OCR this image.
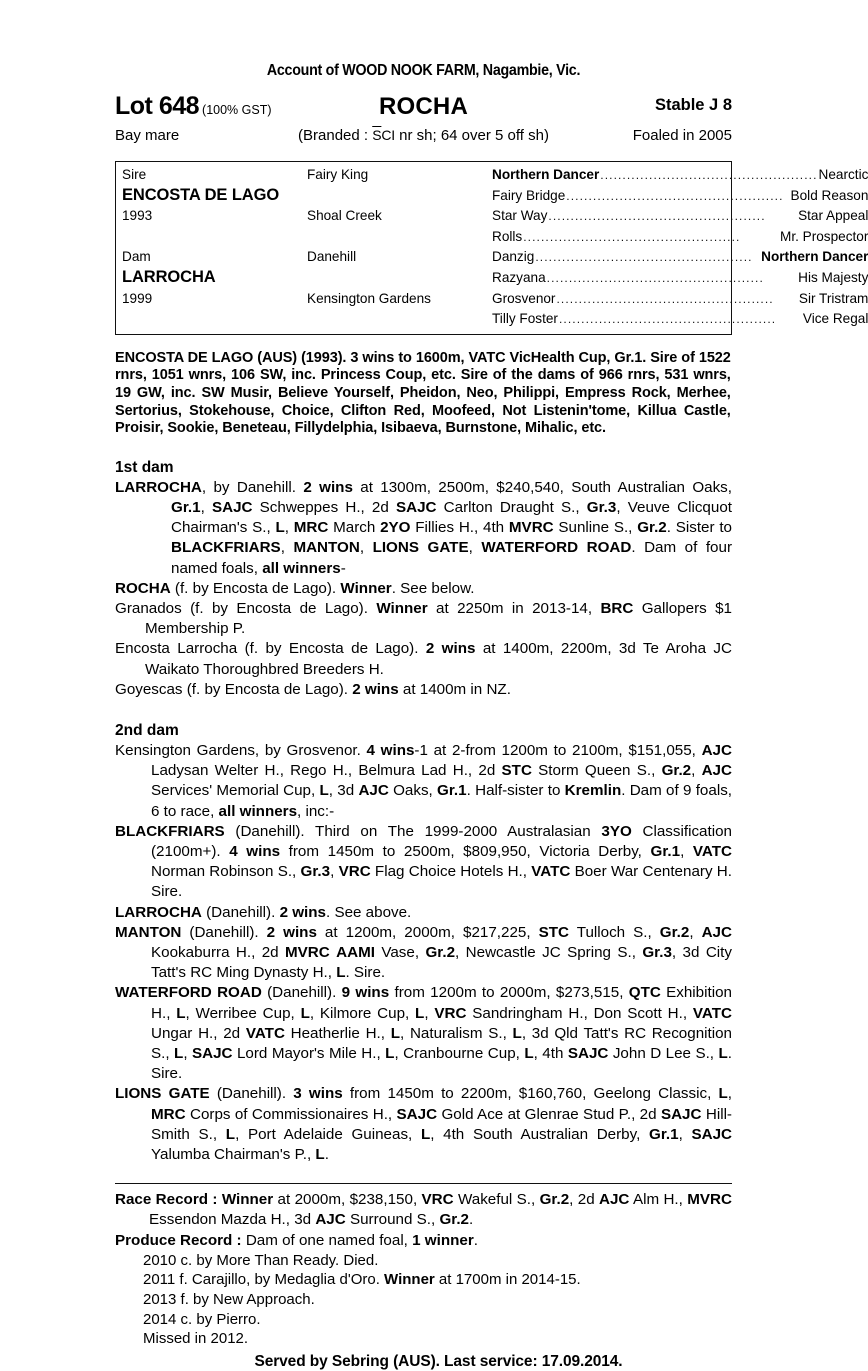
Account of WOOD NOOK FARM, Nagambie, Vic.
Lot 648 (100% GST)	ROCHA	Stable J 8
Bay mare	(Branded : $\overline{S}CI$ nr sh; 64 over 5 off sh)	Foaled in 2005
Sire	Fairy King	Northern Dancer ................................................. Nearctic
ENCOSTA DE LAGO	Fairy Bridge ................................................. Bold Reason
1993	Shoal Creek	Star Way .................................................	Star Appeal
Rolls .................................................	Mr. Prospector
Dam	Danehill	Danzig ................................................. Northern Dancer
LARROCHA	Razyana .................................................	His Majesty
1999	Kensington Gardens	Grosvenor .................................................	Sir Tristram
Tilly Foster .................................................	Vice Regal
ENCOSTA DE LAGO (AUS) (1993). 3 wins to 1600m, VATC VicHealth Cup, Gr.1. Sire of 1522 rnrs, 1051 wnrs, 106 SW, inc. Princess Coup, etc. Sire of the dams of 966 rnrs, 531 wnrs, 19 GW, inc. SW Musir, Believe Yourself, Pheidon, Neo, Philippi, Empress Rock, Merhee, Sertorius, Stokehouse, Choice, Clifton Red, Moofeed, Not Listenin'tome, Killua Castle, Proisir, Sookie, Beneteau, Fillydelphia, Isibaeva, Burnstone, Mihalic, etc.
1st dam
LARROCHA, by Danehill. 2 wins at 1300m, 2500m, $240,540, South Australian Oaks, Gr.1, SAJC Schweppes H., 2d SAJC Carlton Draught S., Gr.3, Veuve Clicquot Chairman's S., L, MRC March 2YO Fillies H., 4th MVRC Sunline S., Gr.2. Sister to BLACKFRIARS, MANTON, LIONS GATE, WATERFORD ROAD. Dam of four named foals, all winners-
ROCHA (f. by Encosta de Lago). Winner. See below.
Granados (f. by Encosta de Lago). Winner at 2250m in 2013-14, BRC Gallopers $1 Membership P.
Encosta Larrocha (f. by Encosta de Lago). 2 wins at 1400m, 2200m, 3d Te Aroha JC Waikato Thoroughbred Breeders H.
Goyescas (f. by Encosta de Lago). 2 wins at 1400m in NZ.
2nd dam
Kensington Gardens, by Grosvenor. 4 wins-1 at 2-from 1200m to 2100m, $151,055, AJC Ladysan Welter H., Rego H., Belmura Lad H., 2d STC Storm Queen S., Gr.2, AJC Services' Memorial Cup, L, 3d AJC Oaks, Gr.1. Half-sister to Kremlin. Dam of 9 foals, 6 to race, all winners, inc:-
BLACKFRIARS (Danehill). Third on The 1999-2000 Australasian 3YO Classification (2100m+). 4 wins from 1450m to 2500m, $809,950, Victoria Derby, Gr.1, VATC Norman Robinson S., Gr.3, VRC Flag Choice Hotels H., VATC Boer War Centenary H. Sire.
LARROCHA (Danehill). 2 wins. See above.
MANTON (Danehill). 2 wins at 1200m, 2000m, $217,225, STC Tulloch S., Gr.2, AJC Kookaburra H., 2d MVRC AAMI Vase, Gr.2, Newcastle JC Spring S., Gr.3, 3d City Tatt's RC Ming Dynasty H., L. Sire.
WATERFORD ROAD (Danehill). 9 wins from 1200m to 2000m, $273,515, QTC Exhibition H., L, Werribee Cup, L, Kilmore Cup, L, VRC Sandringham H., Don Scott H., VATC Ungar H., 2d VATC Heatherlie H., L, Naturalism S., L, 3d Qld Tatt's RC Recognition S., L, SAJC Lord Mayor's Mile H., L, Cranbourne Cup, L, 4th SAJC John D Lee S., L. Sire.
LIONS GATE (Danehill). 3 wins from 1450m to 2200m, $160,760, Geelong Classic, L, MRC Corps of Commissionaires H., SAJC Gold Ace at Glenrae Stud P., 2d SAJC Hill-Smith S., L, Port Adelaide Guineas, L, 4th South Australian Derby, Gr.1, SAJC Yalumba Chairman's P., L.
Race Record : Winner at 2000m, $238,150, VRC Wakeful S., Gr.2, 2d AJC Alm H., MVRC Essendon Mazda H., 3d AJC Surround S., Gr.2.
Produce Record : Dam of one named foal, 1 winner.
2010 c. by More Than Ready. Died.
2011 f. Carajillo, by Medaglia d'Oro. Winner at 1700m in 2014-15.
2013 f. by New Approach.
2014 c. by Pierro.
Missed in 2012.
Served by Sebring (AUS). Last service: 17.09.2014.
